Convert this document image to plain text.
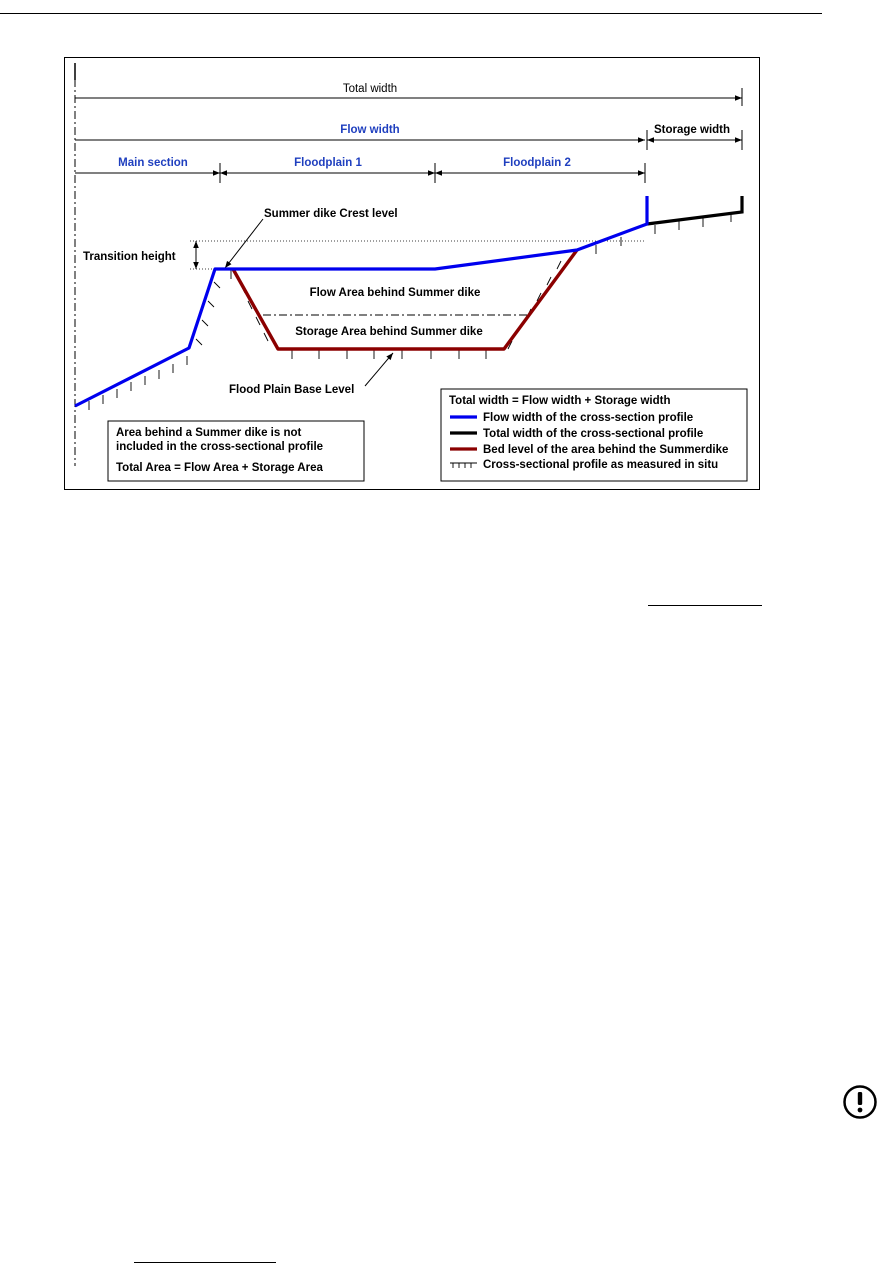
Total width
Flow width	Storage width
Main section	Floodplain 1	Floodplain 2
Transition height
Summer dike Crest level
Flow Area behind Summer dike
Storage Area behind Summer dike
Flood Plain Base Level
Area behind a Summer dike is not
included in the cross-sectional profile
Total Area = Flow Area + Storage Area
Total width = Flow width + Storage width
Flow width of the cross-section profile
Total width of the cross-sectional profile
Bed level of the area behind the Summerdike
Cross-sectional profile as measured in situ
